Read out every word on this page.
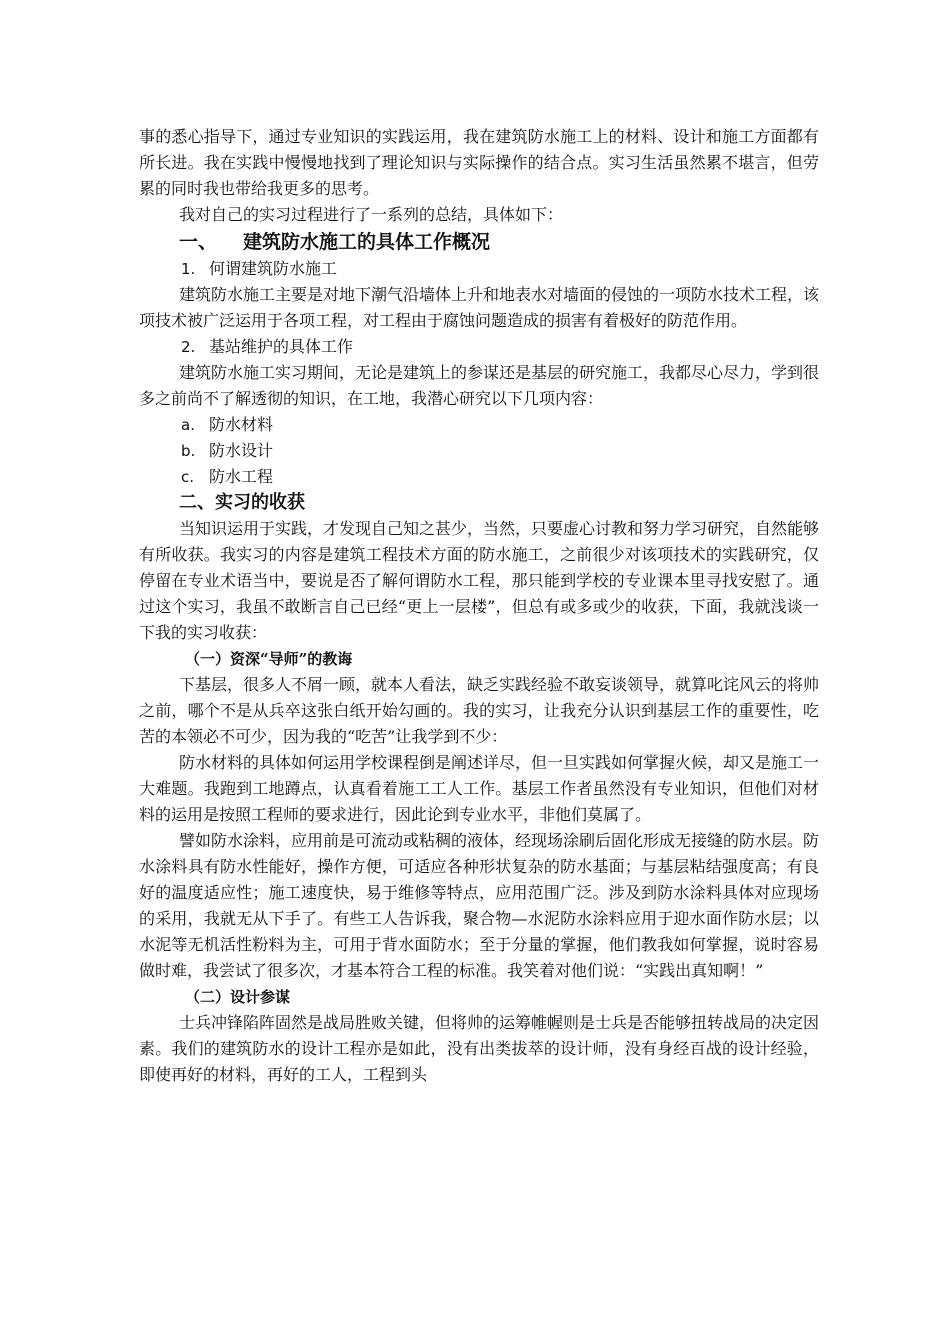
事的悉心指导下，通过专业知识的实践运用，我在建筑防水施工上的材料、设计和施工方面都有所长进。我在实践中慢慢地找到了理论知识与实际操作的结合点。实习生活虽然累不堪言，但劳累的同时我也带给我更多的思考。

我对自己的实习过程进行了一系列的总结，具体如下：

一、 建筑防水施工的具体工作概况
1. 何谓建筑防水施工

建筑防水施工主要是对地下潮气沿墙体上升和地表水对墙面的侵蚀的一项防水技术工程，该项技术被广泛运用于各项工程，对工程由于腐蚀问题造成的损害有着极好的防范作用。

2. 基站维护的具体工作

建筑防水施工实习期间，无论是建筑上的参谋还是基层的研究施工，我都尽心尽力，学到很多之前尚不了解透彻的知识，在工地，我潜心研究以下几项内容：

a. 防水材料
b. 防水设计
c. 防水工程
二、实习的收获

当知识运用于实践，才发现自己知之甚少，当然，只要虚心讨教和努力学习研究，自然能够有所收获。我实习的内容是建筑工程技术方面的防水施工，之前很少对该项技术的实践研究，仅停留在专业术语当中，要说是否了解何谓防水工程，那只能到学校的专业课本里寻找安慰了。通过这个实习，我虽不敢断言自己已经“更上一层楼”，但总有或多或少的收获，下面，我就浅谈一下我的实习收获：

（一）资深“导师”的教诲

下基层，很多人不屑一顾，就本人看法，缺乏实践经验不敢妄谈领导，就算叱诧风云的将帅之前，哪个不是从兵卒这张白纸开始勾画的。我的实习，让我充分认识到基层工作的重要性，吃苦的本领必不可少，因为我的“吃苦”让我学到不少：

防水材料的具体如何运用学校课程倒是阐述详尽，但一旦实践如何掌握火候，却又是施工一大难题。我跑到工地蹲点，认真看着施工工人工作。基层工作者虽然没有专业知识，但他们对材料的运用是按照工程师的要求进行，因此论到专业水平，非他们莫属了。

譬如防水涂料，应用前是可流动或粘稠的液体，经现场涂刷后固化形成无接缝的防水层。防水涂料具有防水性能好，操作方便，可适应各种形状复杂的防水基面；与基层粘结强度高；有良好的温度适应性；施工速度快，易于维修等特点，应用范围广泛。涉及到防水涂料具体对应现场的采用，我就无从下手了。有些工人告诉我，聚合物—水泥防水涂料应用于迎水面作防水层；以水泥等无机活性粉料为主，可用于背水面防水；至于分量的掌握，他们教我如何掌握，说时容易做时难，我尝试了很多次，才基本符合工程的标准。我笑着对他们说：“实践出真知啊！”

（二）设计参谋

士兵冲锋陷阵固然是战局胜败关键，但将帅的运筹帷幄则是士兵是否能够扭转战局的决定因素。我们的建筑防水的设计工程亦是如此，没有出类拔萃的设计师，没有身经百战的设计经验，即使再好的材料，再好的工人，工程到头
